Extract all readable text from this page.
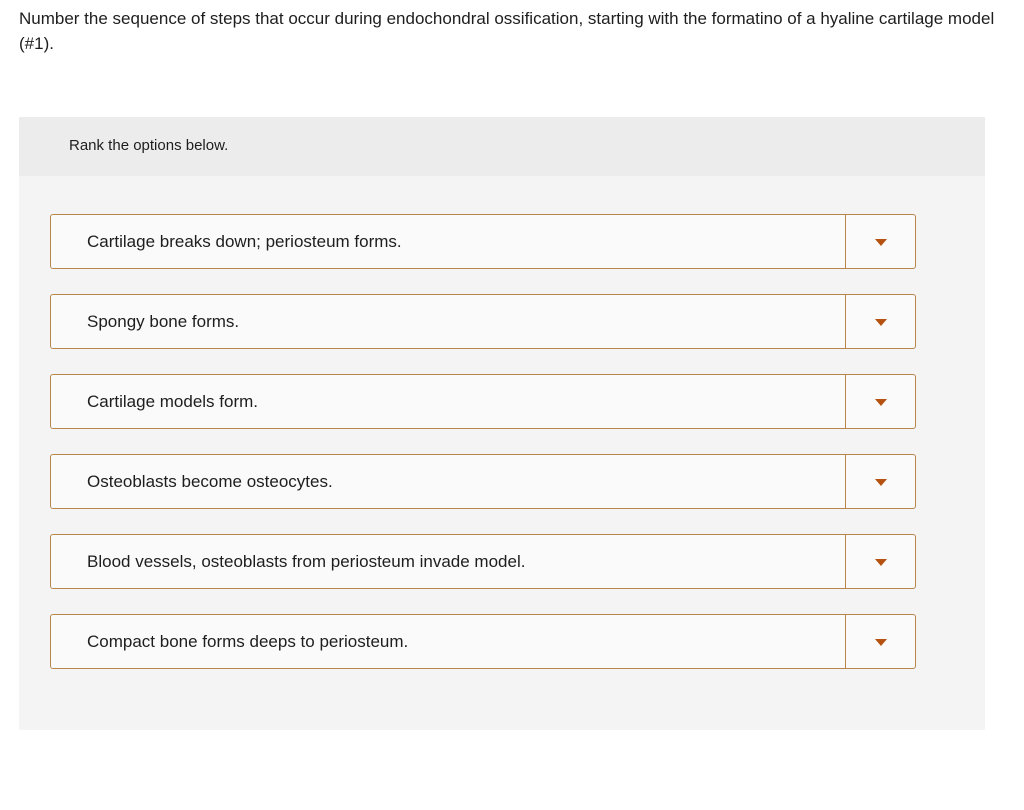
Number the sequence of steps that occur during endochondral ossification, starting with the formatino of a hyaline cartilage model (#1).
Rank the options below.
Cartilage breaks down; periosteum forms.
Spongy bone forms.
Cartilage models form.
Osteoblasts become osteocytes.
Blood vessels, osteoblasts from periosteum invade model.
Compact bone forms deeps to periosteum.
